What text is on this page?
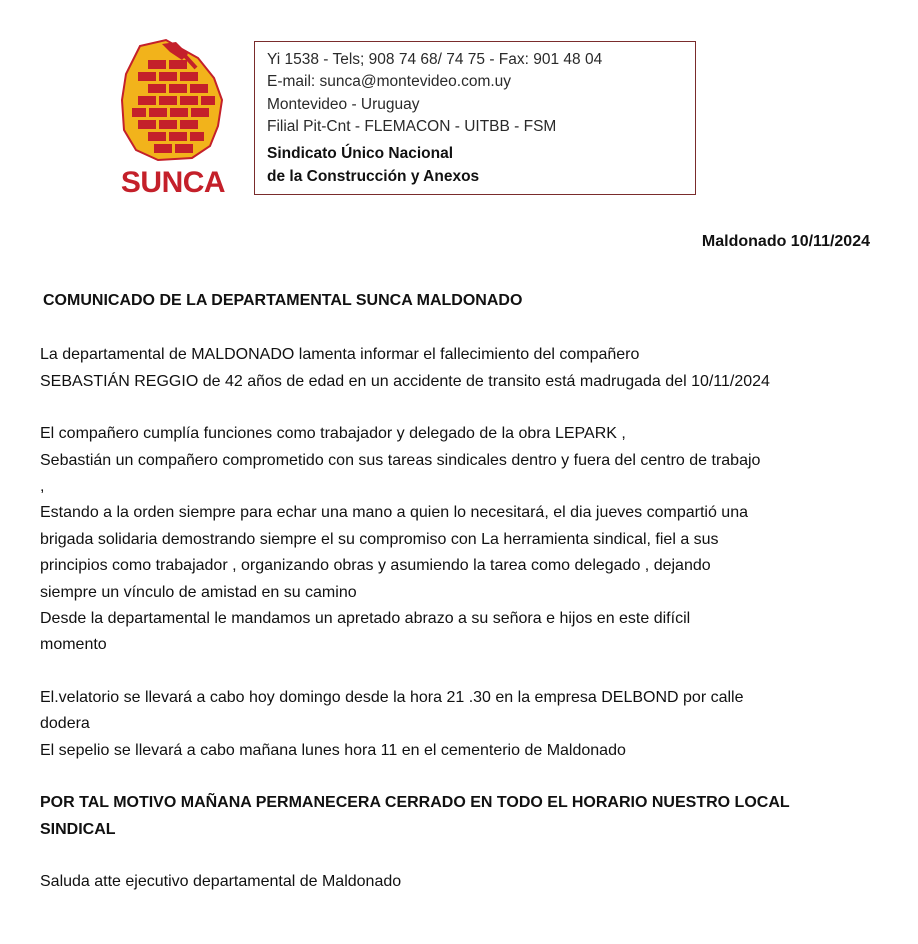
SUNCA
Yi 1538 - Tels; 908 74 68/ 74 75 - Fax: 901 48 04
E-mail: sunca@montevideo.com.uy
Montevideo - Uruguay
Filial Pit-Cnt - FLEMACON - UITBB - FSM
Sindicato Único Nacional
de la Construcción y Anexos
Maldonado 10/11/2024
COMUNICADO DE LA DEPARTAMENTAL SUNCA MALDONADO
La departamental de MALDONADO lamenta informar el fallecimiento del compañero
SEBASTIÁN REGGIO de 42 años de edad en un accidente de transito está madrugada del 10/11/2024
El compañero cumplía funciones como trabajador y delegado de la obra LEPARK ,
Sebastián un compañero comprometido con sus tareas sindicales dentro y fuera del centro de trabajo
,
Estando a la orden siempre para echar una mano a quien lo necesitará, el dia jueves compartió una
brigada solidaria demostrando siempre el su compromiso con La herramienta sindical, fiel a sus
principios como trabajador , organizando obras y asumiendo la tarea como delegado , dejando
siempre un vínculo de amistad en su camino
Desde la departamental le mandamos un apretado abrazo a su señora e hijos en este difícil
momento
El.velatorio se llevará a cabo hoy domingo desde la hora 21 .30 en la empresa DELBOND por calle
dodera
El sepelio se llevará a cabo mañana lunes hora 11 en el cementerio de Maldonado
POR TAL MOTIVO MAÑANA PERMANECERA CERRADO EN TODO EL HORARIO NUESTRO LOCAL
SINDICAL
Saluda atte ejecutivo departamental de Maldonado
